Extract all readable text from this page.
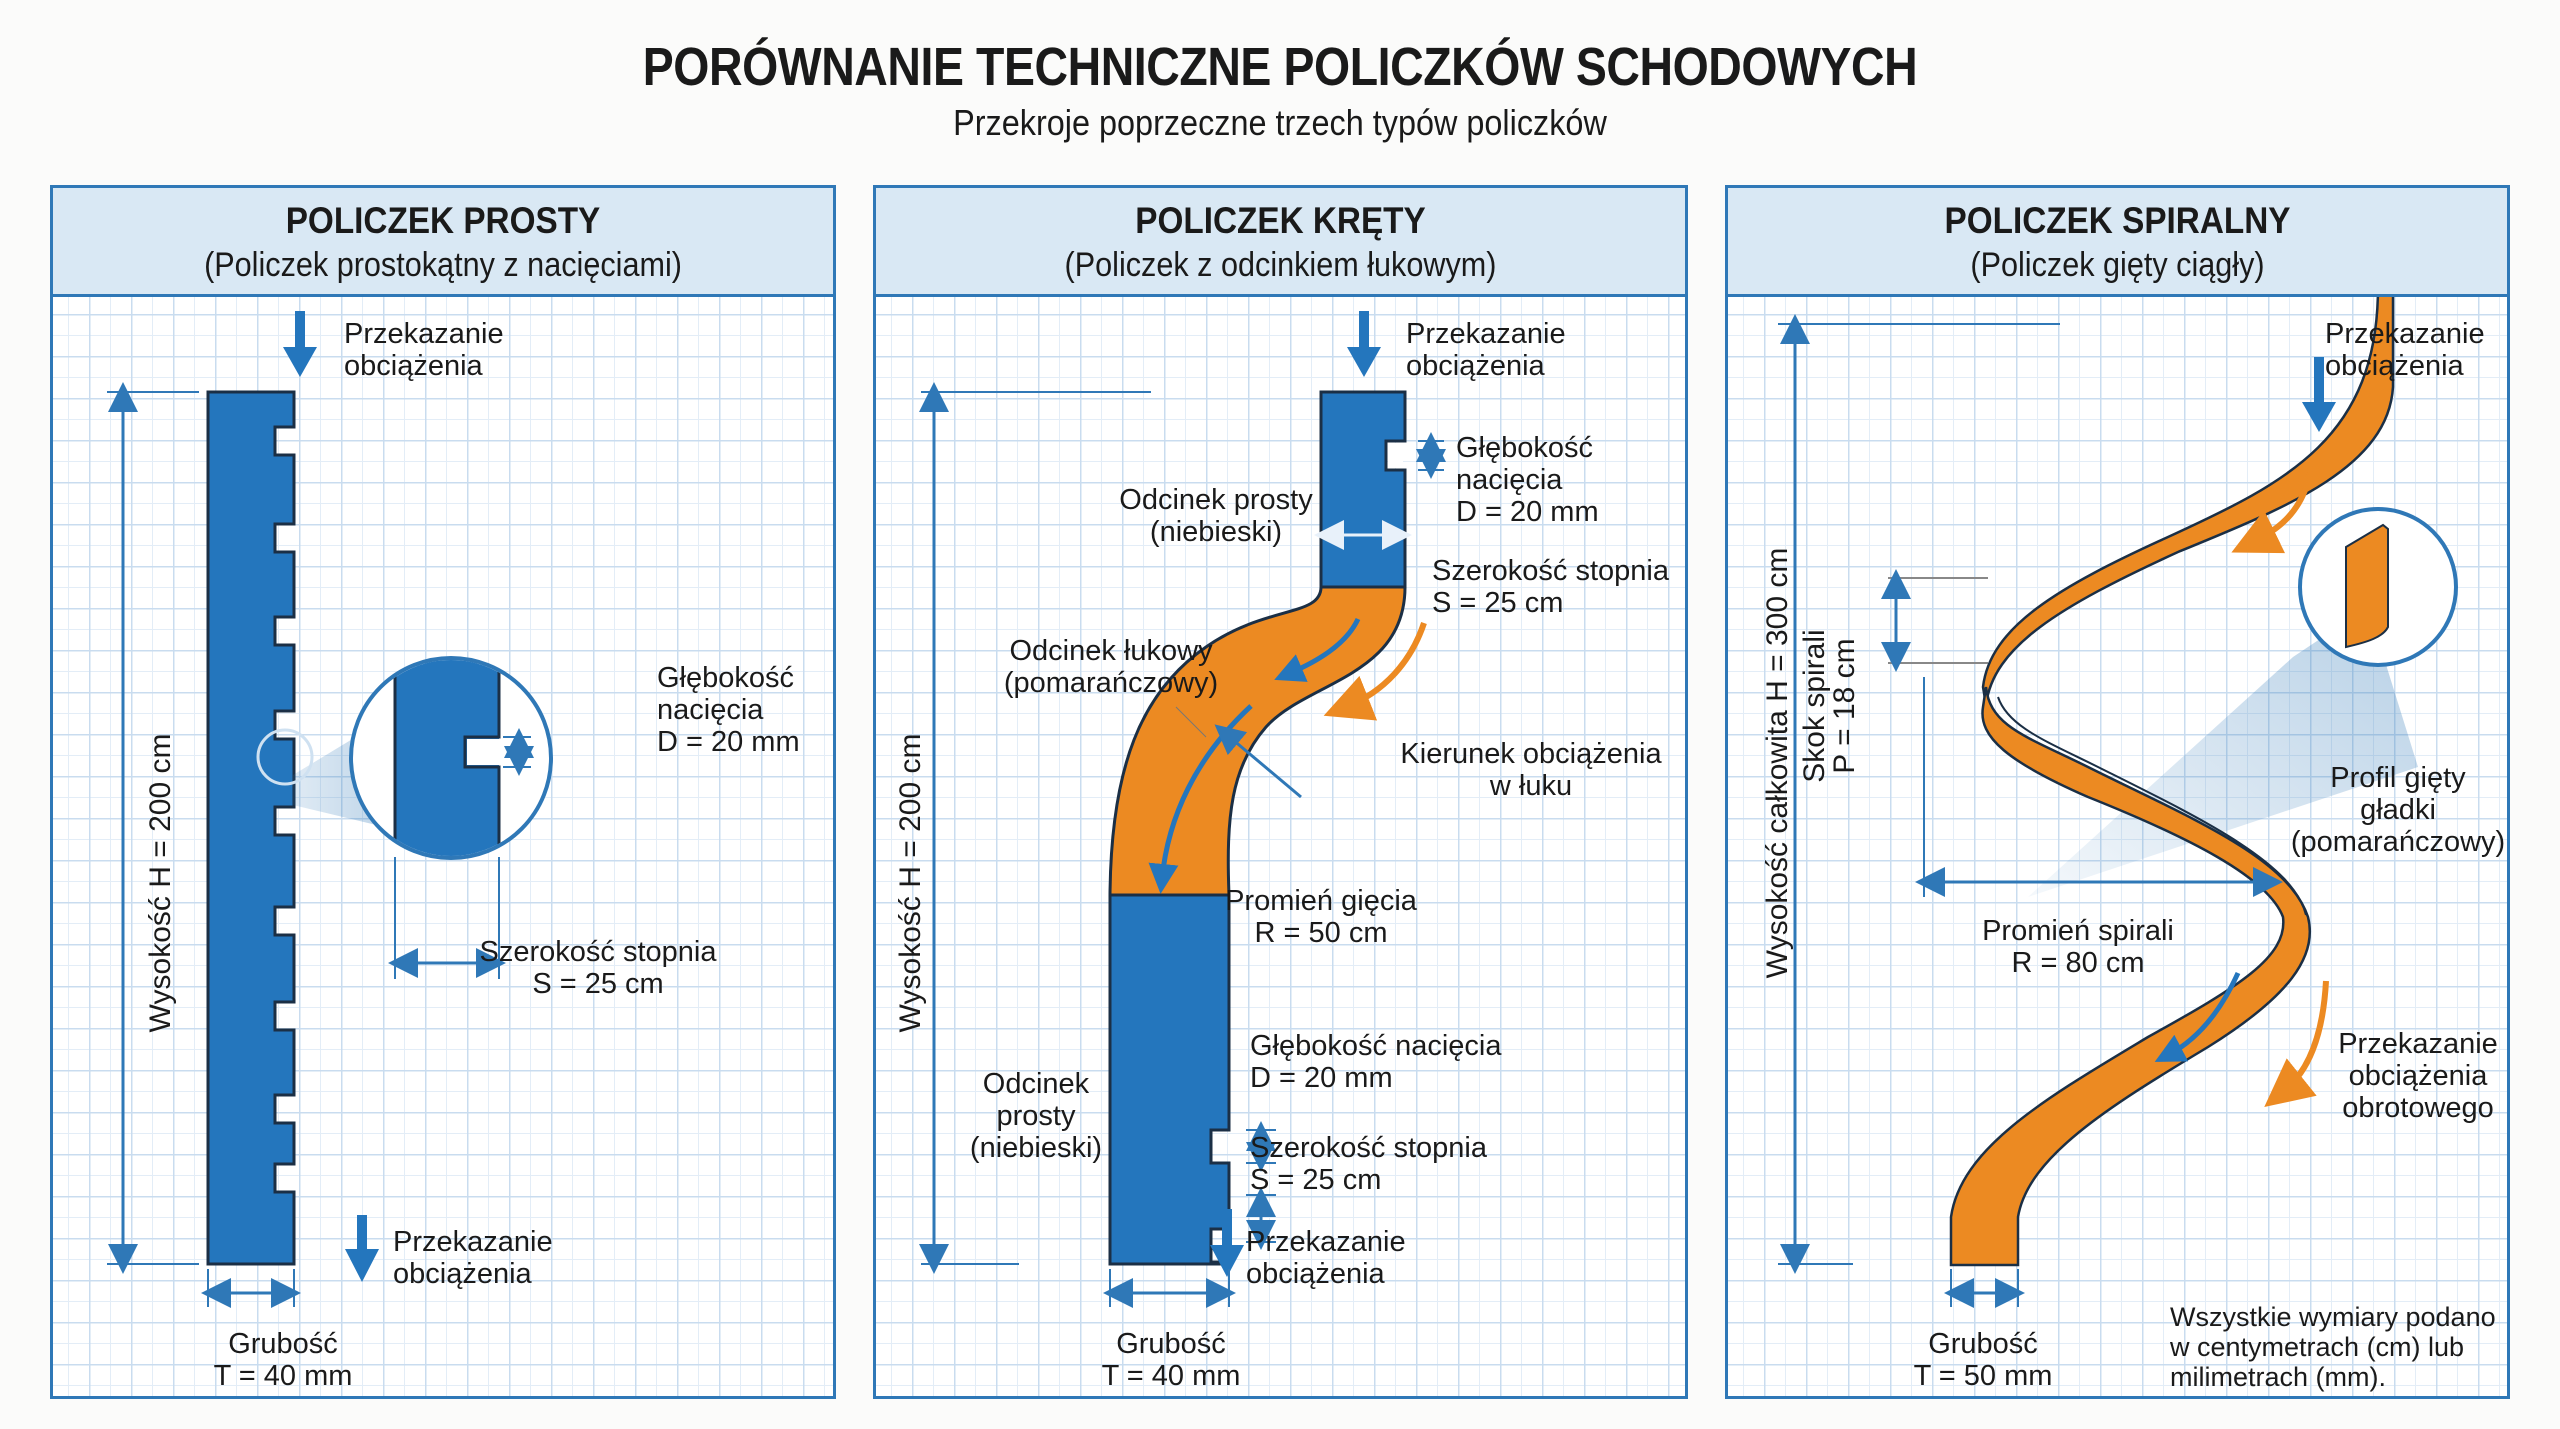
PORÓWNANIE TECHNICZNE POLICZKÓW SCHODOWYCH
Przekroje poprzeczne trzech typów policzków
POLICZEK PROSTY
(Policzek prostokątny z nacięciami)
Przekazanie
obciążenia
Wysokość H = 200 cm
Głębokość
nacięcia
D = 20 mm
Szerokość stopnia
S = 25 cm
Przekazanie
obciążenia
Grubość
T = 40 mm
POLICZEK KRĘTY
(Policzek z odcinkiem łukowym)
Przekazanie
obciążenia
Odcinek prosty
(niebieski)
Głębokość
nacięcia
D = 20 mm
Szerokość stopnia
S = 25 cm
Odcinek łukowy
(pomarańczowy)
Wysokość H = 200 cm	Kierunek obciążenia
w łuku
Promień gięcia
R = 50 cm
Odcinek
prosty
(niebieski)
Głębokość nacięcia
D = 20 mm
Szerokość stopnia
S = 25 cm
Przekazanie
obciążenia
Grubość
T = 40 mm
POLICZEK SPIRALNY
(Policzek gięty ciągły)
Przekazanie
obciążenia
Wysokość całkowita H = 300 cm Skok spirali
P = 18 cm
Profil gięty
gładki
(pomarańczowy)
Promień spirali
R = 80 cm
Przekazanie
obciążenia
obrotowego
Grubość
T = 50 mm
Wszystkie wymiary podano
w centymetrach (cm) lub
milimetrach (mm).
